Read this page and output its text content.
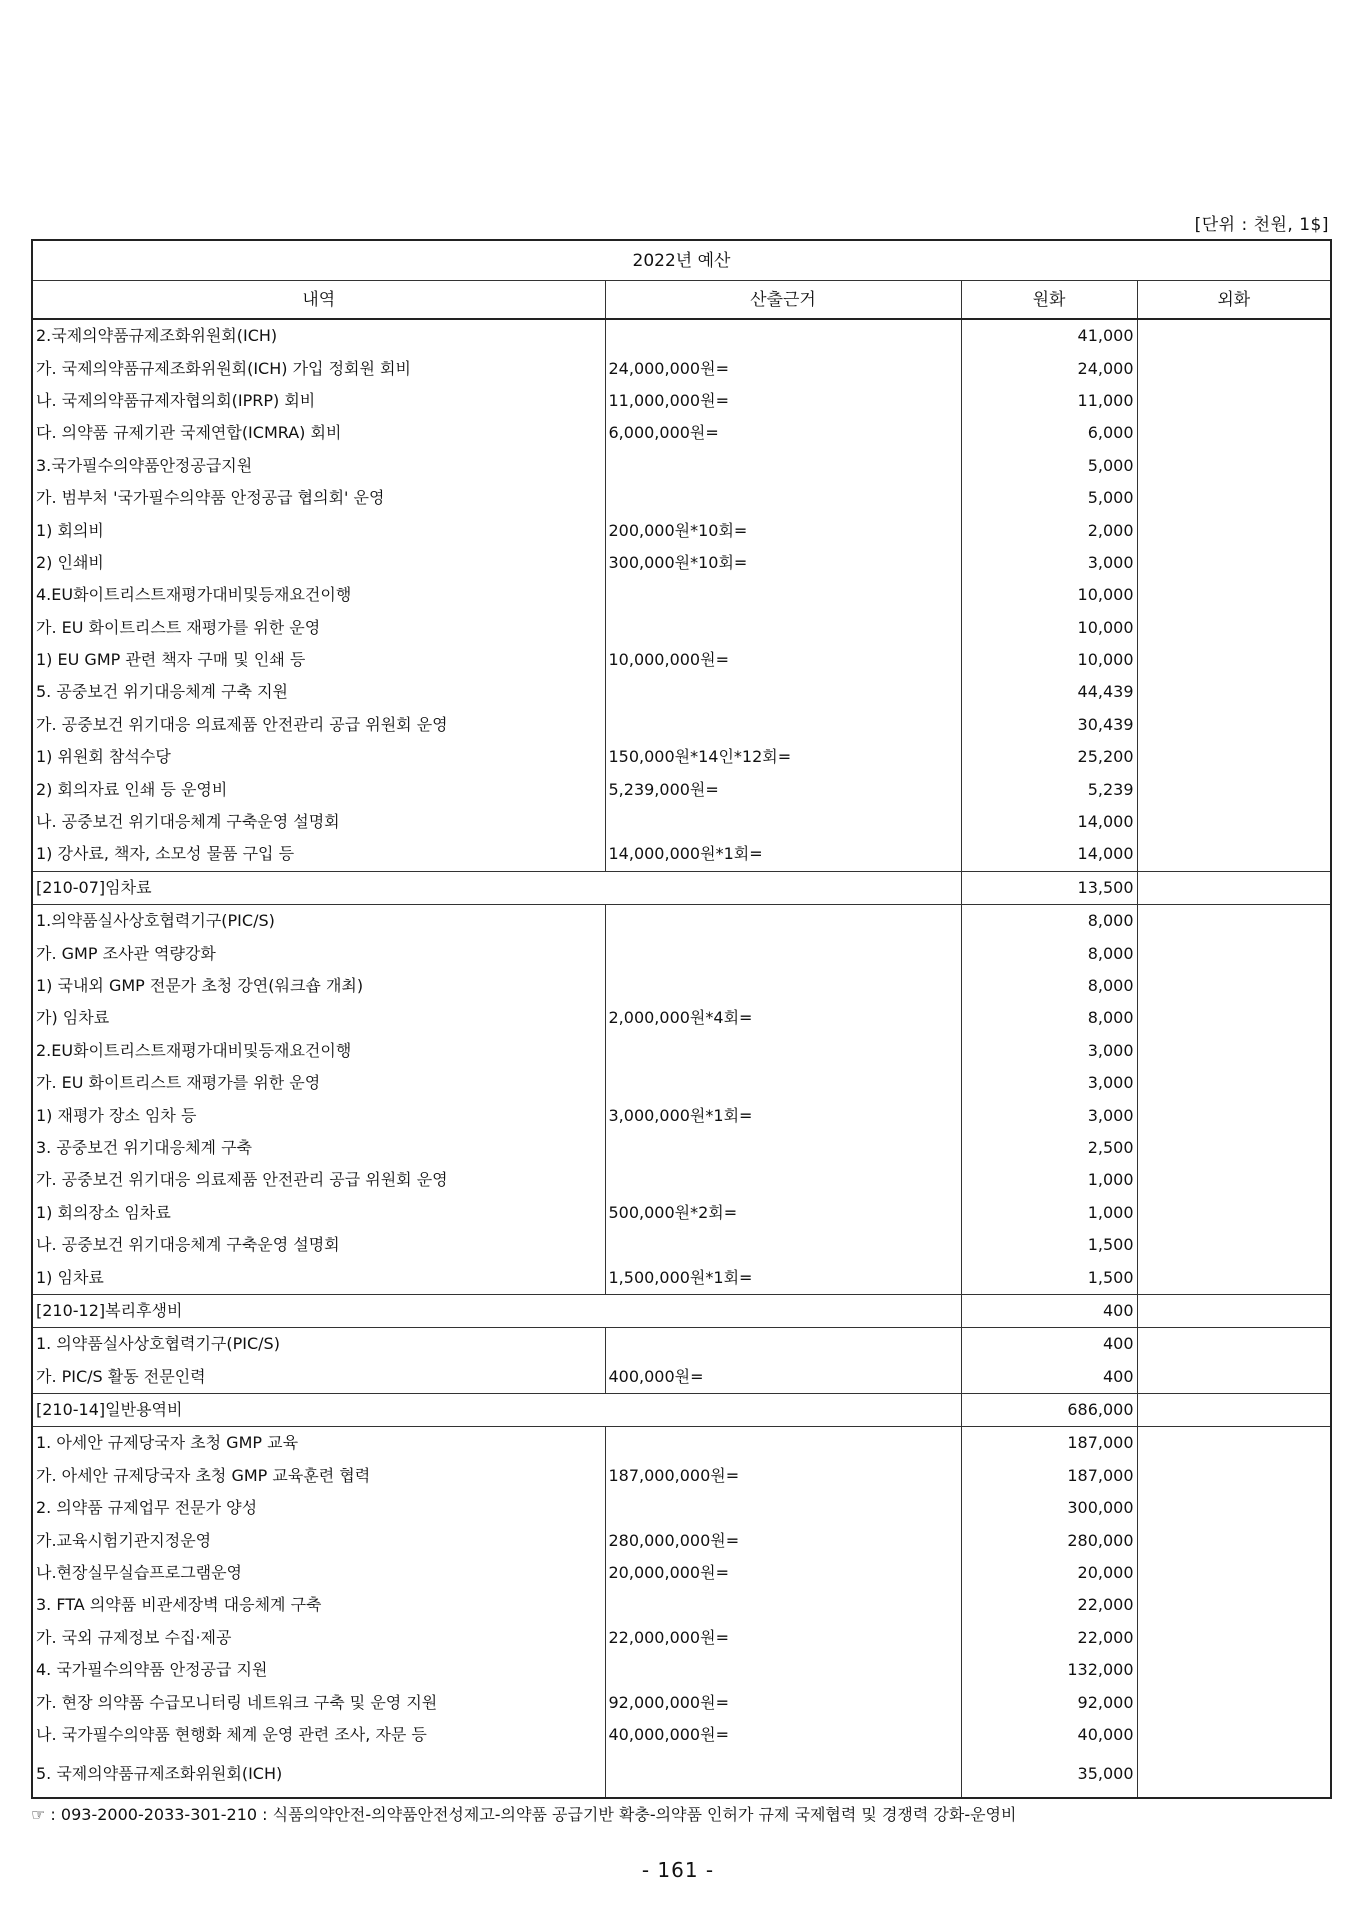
[단위 : 천원, 1$]
2022년 예산			
내역	산출근거	원화	외화
2.국제의약품규제조화위원회(ICH)		41,000	
가. 국제의약품규제조화위원회(ICH) 가입 정회원 회비	24,000,000원=	24,000	
나. 국제의약품규제자협의회(IPRP) 회비	11,000,000원=	11,000	
다. 의약품 규제기관 국제연합(ICMRA) 회비	6,000,000원=	6,000	
3.국가필수의약품안정공급지원		5,000	
가. 범부처 '국가필수의약품 안정공급 협의회' 운영		5,000	
1) 회의비	200,000원*10회=	2,000	
2) 인쇄비	300,000원*10회=	3,000	
4.EU화이트리스트재평가대비및등재요건이행		10,000	
가. EU 화이트리스트 재평가를 위한 운영		10,000	
1) EU GMP 관련 책자 구매 및 인쇄 등	10,000,000원=	10,000	
5. 공중보건 위기대응체계 구축 지원		44,439	
가. 공중보건 위기대응 의료제품 안전관리 공급 위원회 운영		30,439	
1) 위원회 참석수당	150,000원*14인*12회=	25,200	
2) 회의자료 인쇄 등 운영비	5,239,000원=	5,239	
나. 공중보건 위기대응체계 구축운영 설명회		14,000	
1) 강사료, 책자, 소모성 물품 구입 등	14,000,000원*1회=	14,000	
[210-07]임차료		13,500	
1.의약품실사상호협력기구(PIC/S)		8,000	
가. GMP 조사관 역량강화		8,000	
1) 국내외 GMP 전문가 초청 강연(워크숍 개최)		8,000	
가) 임차료	2,000,000원*4회=	8,000	
2.EU화이트리스트재평가대비및등재요건이행		3,000	
가. EU 화이트리스트 재평가를 위한 운영		3,000	
1) 재평가 장소 임차 등	3,000,000원*1회=	3,000	
3. 공중보건 위기대응체계 구축		2,500	
가. 공중보건 위기대응 의료제품 안전관리 공급 위원회 운영		1,000	
1) 회의장소 임차료	500,000원*2회=	1,000	
나. 공중보건 위기대응체계 구축운영 설명회		1,500	
1) 임차료	1,500,000원*1회=	1,500	
[210-12]복리후생비		400	
1. 의약품실사상호협력기구(PIC/S)		400	
가. PIC/S 활동 전문인력	400,000원=	400	
[210-14]일반용역비		686,000	
1. 아세안 규제당국자 초청 GMP 교육		187,000	
가. 아세안 규제당국자 초청 GMP 교육훈련 협력	187,000,000원=	187,000	
2. 의약품 규제업무 전문가 양성		300,000	
가.교육시험기관지정운영	280,000,000원=	280,000	
나.현장실무실습프로그램운영	20,000,000원=	20,000	
3. FTA 의약품 비관세장벽 대응체계 구축		22,000	
가. 국외 규제정보 수집·제공	22,000,000원=	22,000	
4. 국가필수의약품 안정공급 지원		132,000	
가. 현장 의약품 수급모니터링 네트워크 구축 및 운영 지원	92,000,000원=	92,000	
나. 국가필수의약품 현행화 체계 운영 관련 조사, 자문 등	40,000,000원=	40,000	
5. 국제의약품규제조화위원회(ICH)		35,000	
☞ : 093-2000-2033-301-210 : 식품의약안전-의약품안전성제고-의약품 공급기반 확충-의약품 인허가 규제 국제협력 및 경쟁력 강화-운영비
- 161 -
